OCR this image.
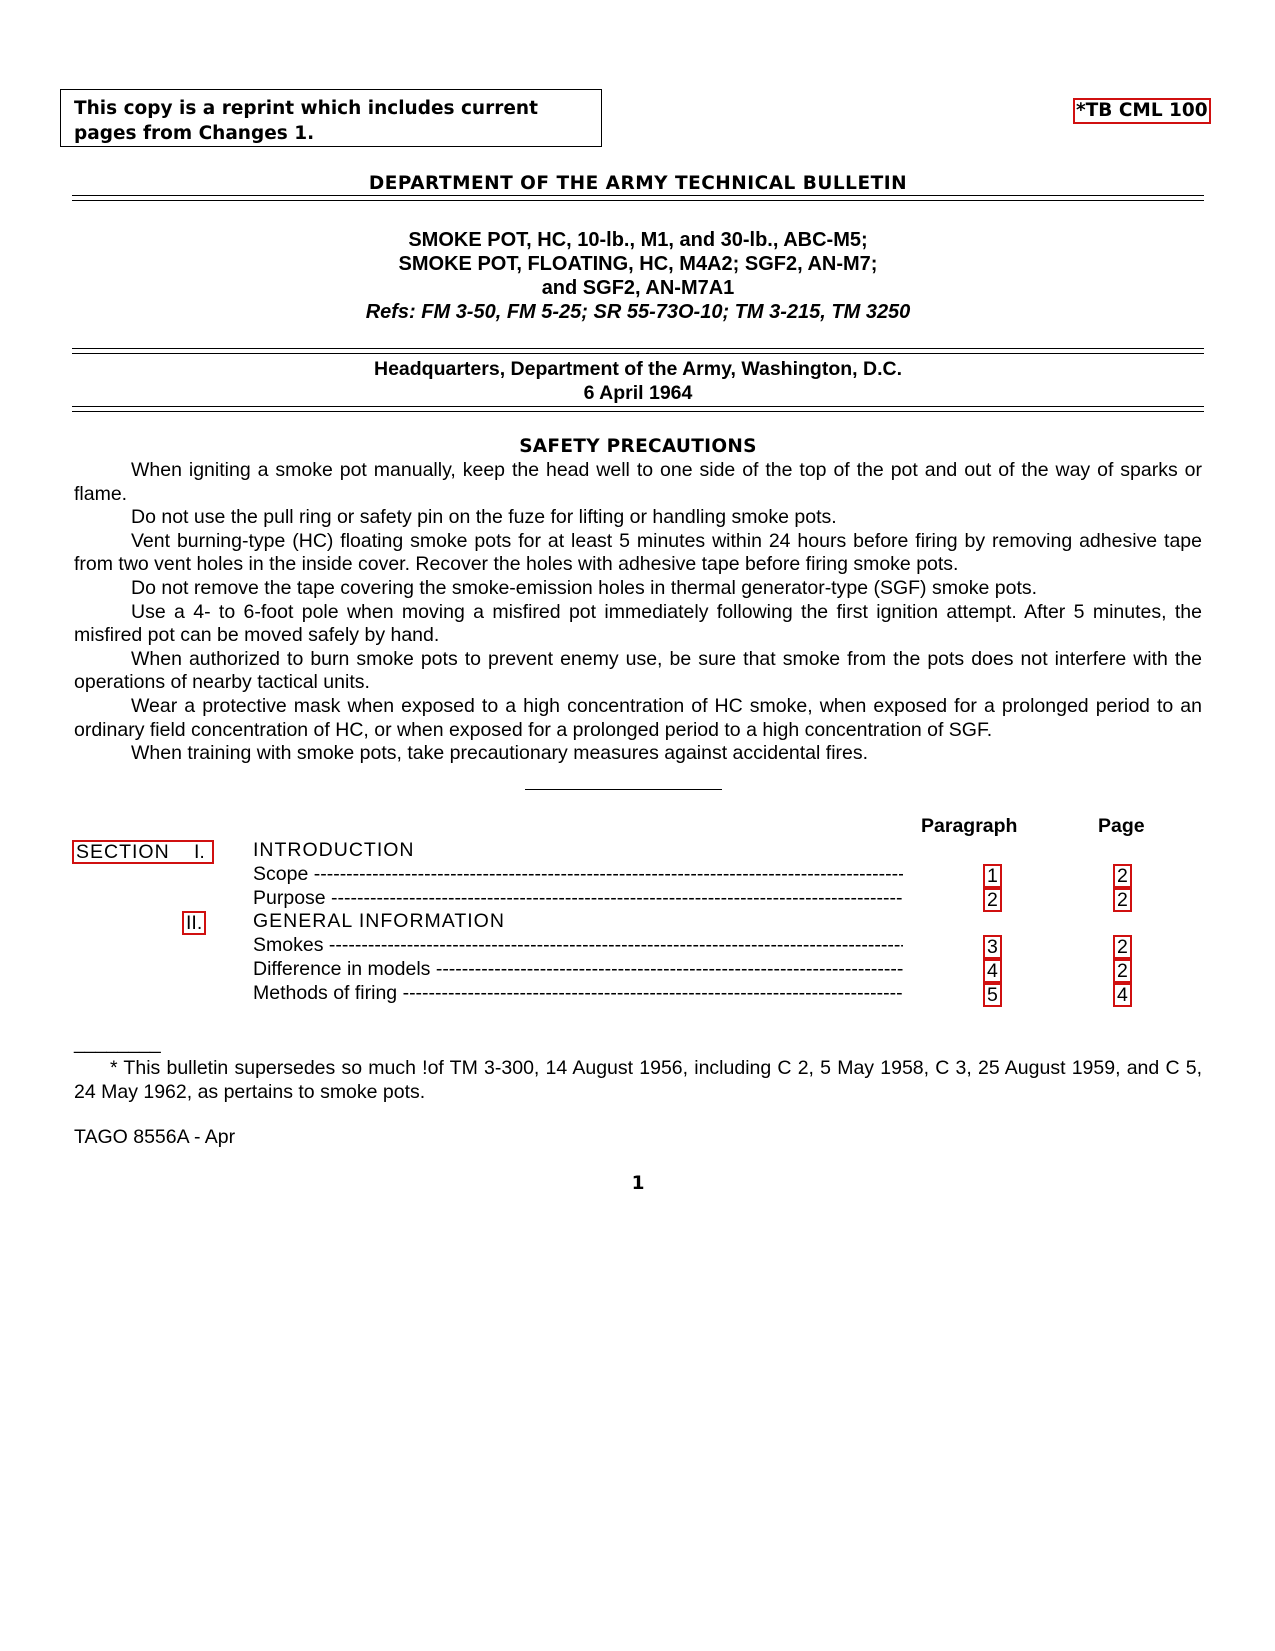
This copy is a reprint which includes current pages from Changes 1.
*TB CML 100
DEPARTMENT OF THE ARMY TECHNICAL BULLETIN
SMOKE POT, HC, 10-lb., M1, and 30-lb., ABC-M5;
SMOKE POT, FLOATING, HC, M4A2; SGF2, AN-M7;
and SGF2, AN-M7A1
Refs: FM 3-50, FM 5-25; SR 55-73O-10; TM 3-215, TM 3250
Headquarters, Department of the Army, Washington, D.C.
6 April 1964
SAFETY PRECAUTIONS

When igniting a smoke pot manually, keep the head well to one side of the top of the pot and out of the way of sparks or flame.

Do not use the pull ring or safety pin on the fuze for lifting or handling smoke pots.

Vent burning-type (HC) floating smoke pots for at least 5 minutes within 24 hours before firing by removing adhesive tape from two vent holes in the inside cover. Recover the holes with adhesive tape before firing smoke pots.

Do not remove the tape covering the smoke-emission holes in thermal generator-type (SGF) smoke pots.

Use a 4- to 6-foot pole when moving a misfired pot immediately following the first ignition attempt. After 5 minutes, the misfired pot can be moved safely by hand.

When authorized to burn smoke pots to prevent enemy use, be sure that smoke from the pots does not interfere with the operations of nearby tactical units.

Wear a protective mask when exposed to a high concentration of HC smoke, when exposed for a prolonged period to an ordinary field concentration of HC, or when exposed for a prolonged period to a high concentration of SGF.

When training with smoke pots, take precautionary measures against accidental fires.

Paragraph	Page
SECTION I. INTRODUCTION
Scope -----	1	2
Purpose -----	2	2
II.	GENERAL INFORMATION
Smokes -----	3	2
Difference in models -----	4	2
Methods of firing -----	5	4
________
* This bulletin supersedes so much !of TM 3-300, 14 August 1956, including C 2, 5 May 1958, C 3, 25 August 1959, and C 5, 24 May 1962, as pertains to smoke pots.
TAGO 8556A - Apr
1
